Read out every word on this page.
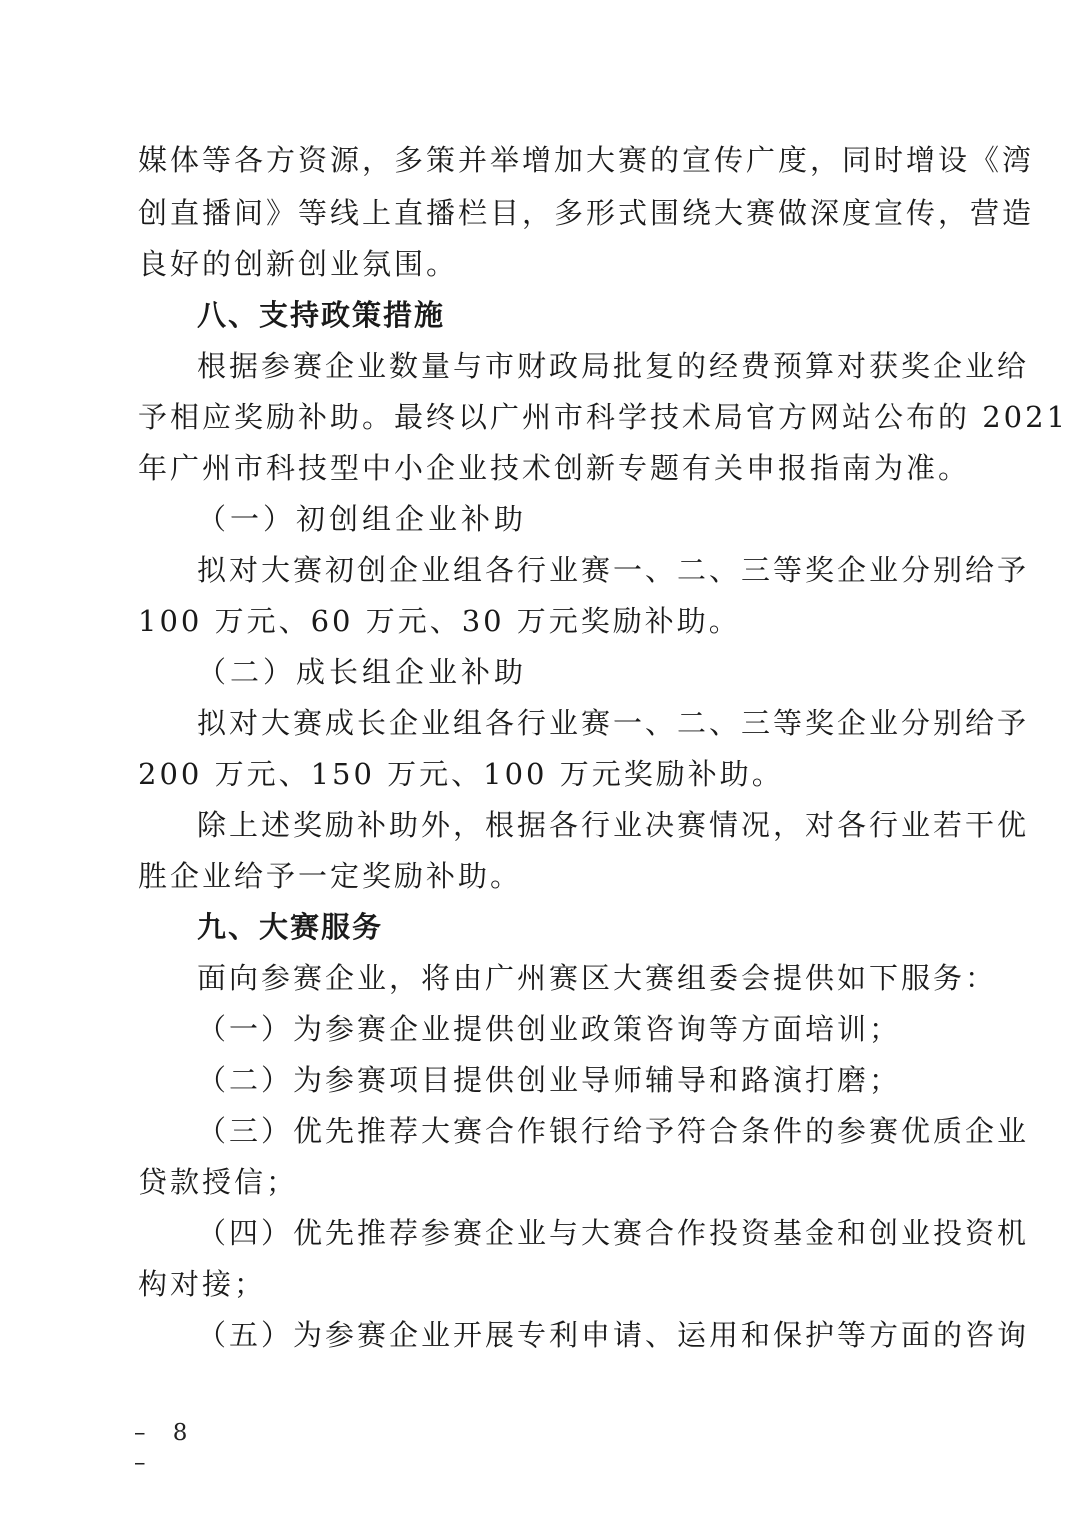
媒体等各方资源，多策并举增加大赛的宣传广度，同时增设《湾
创直播间》等线上直播栏目，多形式围绕大赛做深度宣传，营造
良好的创新创业氛围。
八、支持政策措施
根据参赛企业数量与市财政局批复的经费预算对获奖企业给
予相应奖励补助。最终以广州市科学技术局官方网站公布的 2021
年广州市科技型中小企业技术创新专题有关申报指南为准。
（一）初创组企业补助
拟对大赛初创企业组各行业赛一、二、三等奖企业分别给予
100 万元、60 万元、30 万元奖励补助。
（二）成长组企业补助
拟对大赛成长企业组各行业赛一、二、三等奖企业分别给予
200 万元、150 万元、100 万元奖励补助。
除上述奖励补助外，根据各行业决赛情况，对各行业若干优
胜企业给予一定奖励补助。
九、大赛服务
面向参赛企业，将由广州赛区大赛组委会提供如下服务：
（一）为参赛企业提供创业政策咨询等方面培训；
（二）为参赛项目提供创业导师辅导和路演打磨；
（三）优先推荐大赛合作银行给予符合条件的参赛优质企业
贷款授信；
（四）优先推荐参赛企业与大赛合作投资基金和创业投资机
构对接；
（五）为参赛企业开展专利申请、运用和保护等方面的咨询
– 8 –
